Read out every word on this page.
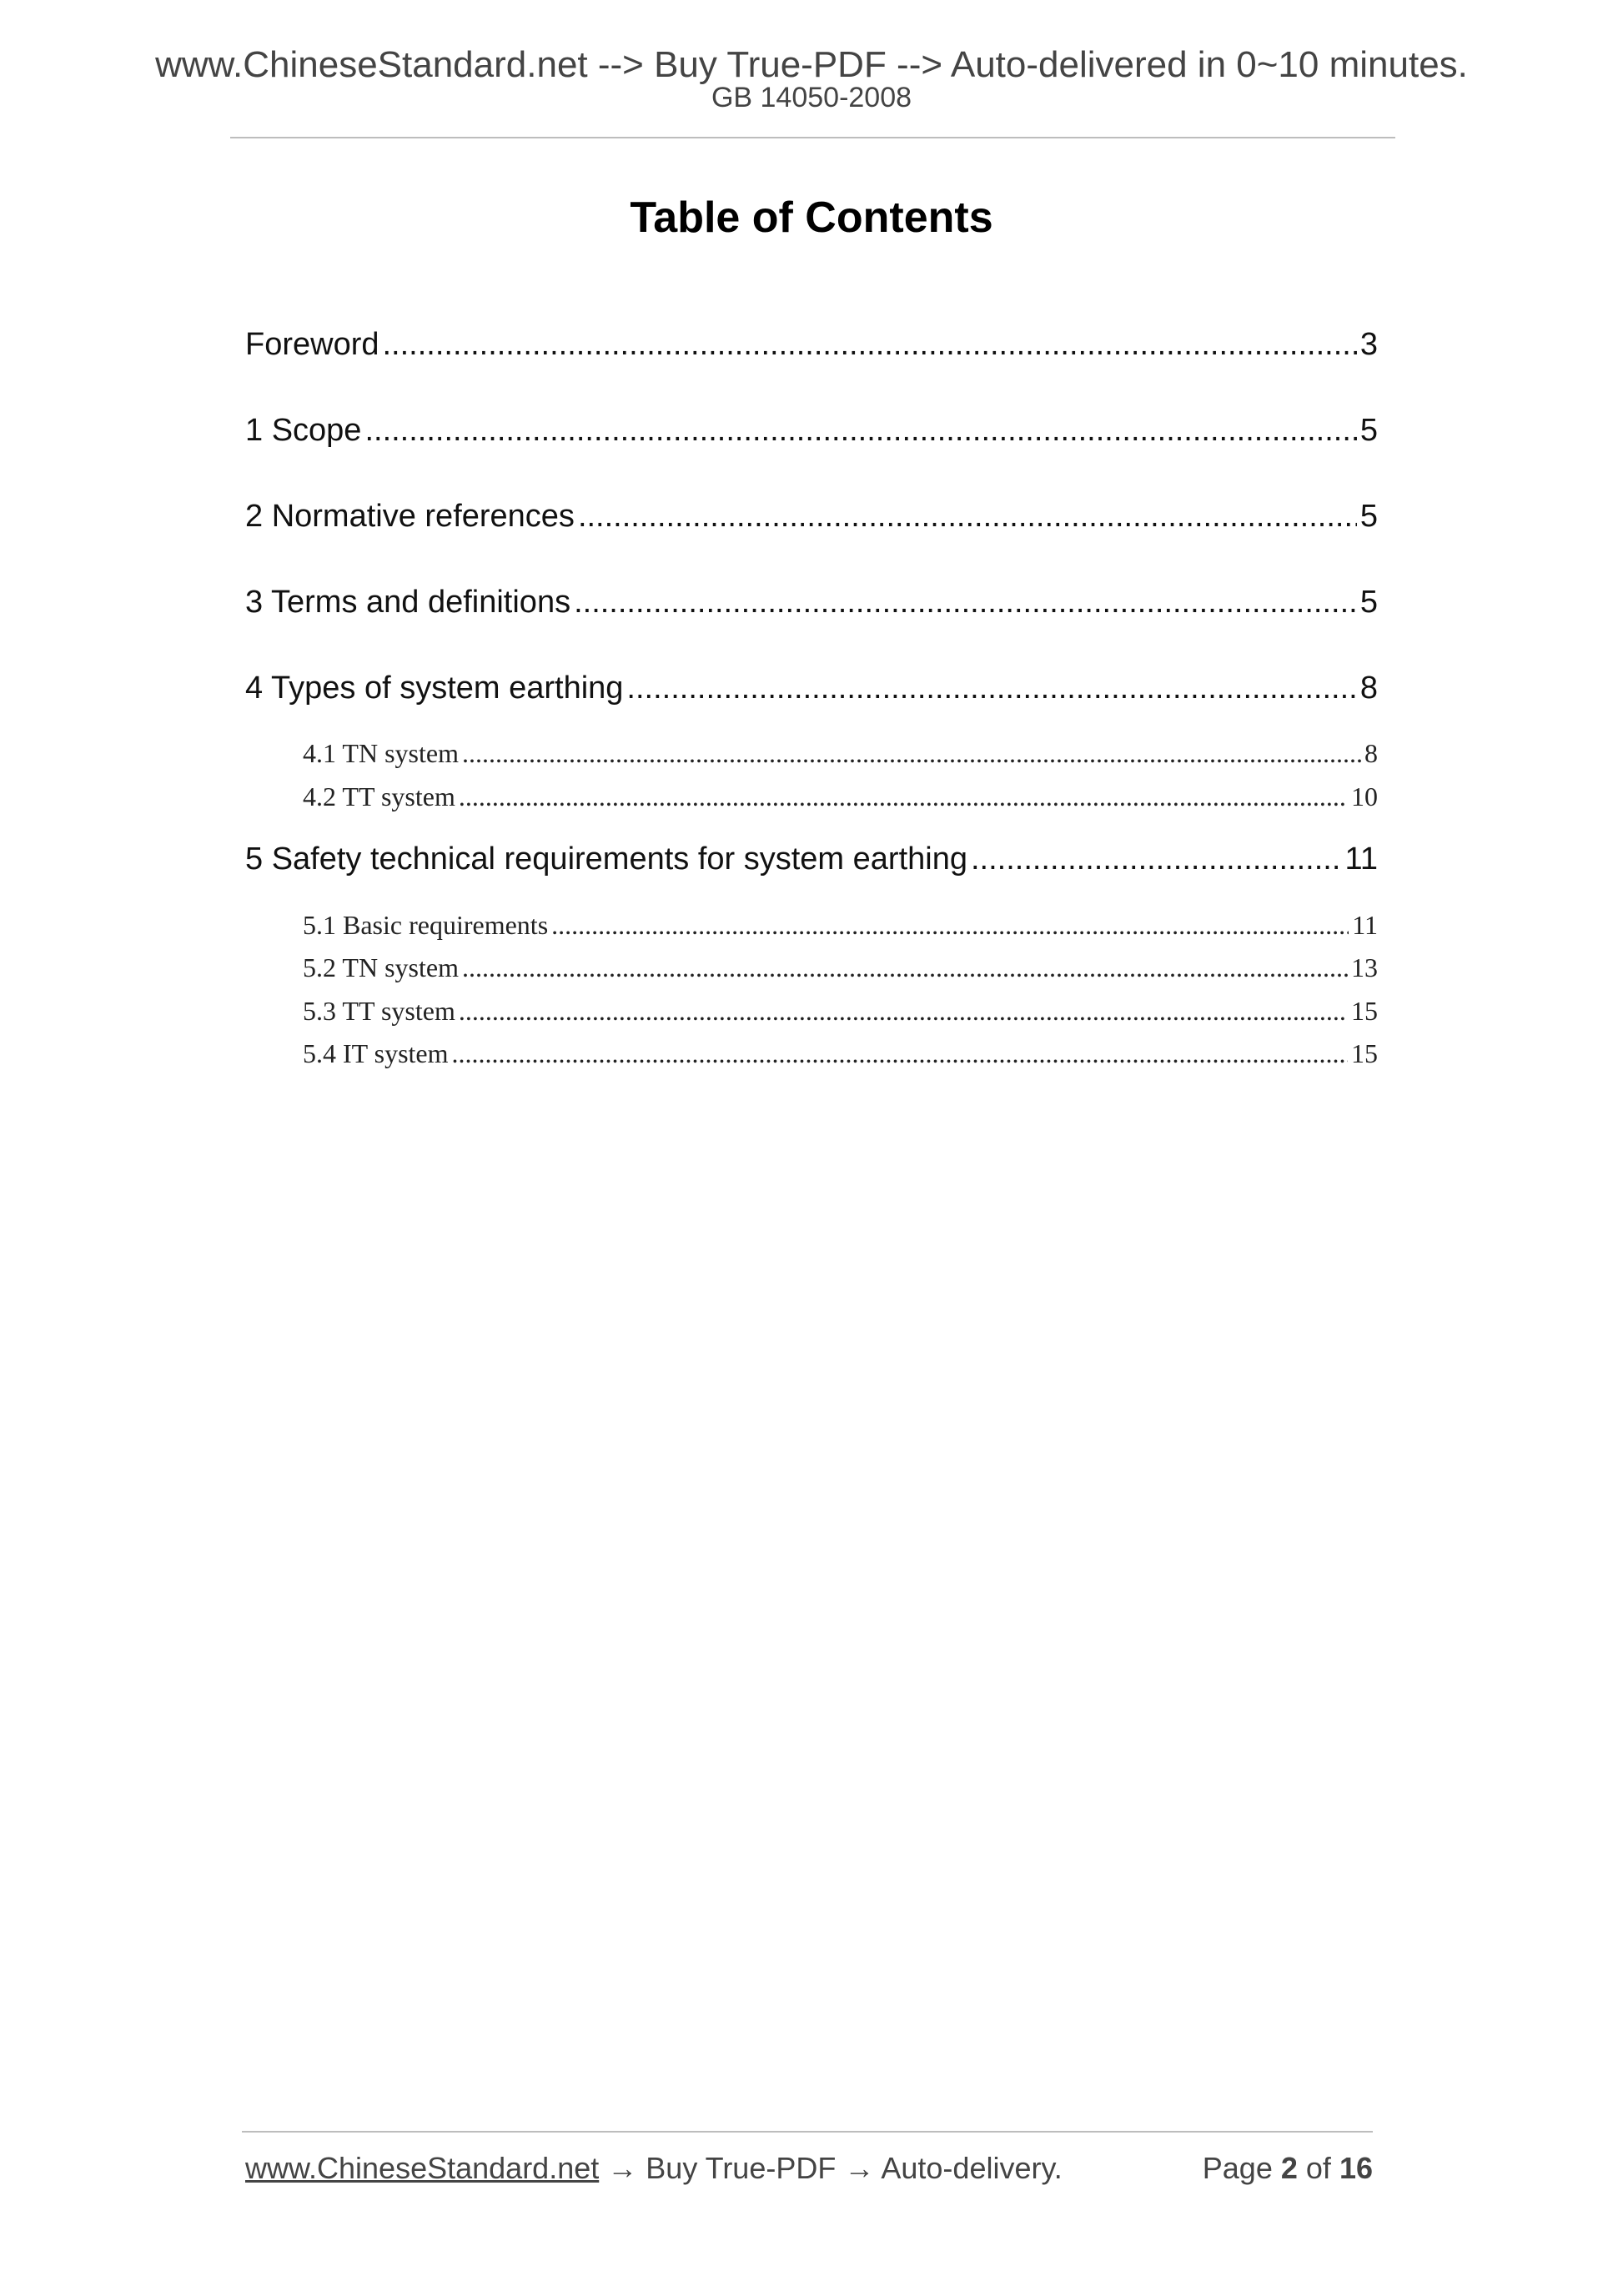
www.ChineseStandard.net --> Buy True-PDF --> Auto-delivered in 0~10 minutes.
GB 14050-2008
Table of Contents
Foreword .....	3
1 Scope .....	5
2 Normative references .....	5
3 Terms and definitions .....	5
4 Types of system earthing .....	8
4.1 TN system .....	8
4.2 TT system .....	10
5 Safety technical requirements for system earthing .....	11
5.1 Basic requirements .....	11
5.2 TN system .....	13
5.3 TT system .....	15
5.4 IT system .....	15
www.ChineseStandard.net → Buy True-PDF → Auto-delivery.	Page 2 of 16
